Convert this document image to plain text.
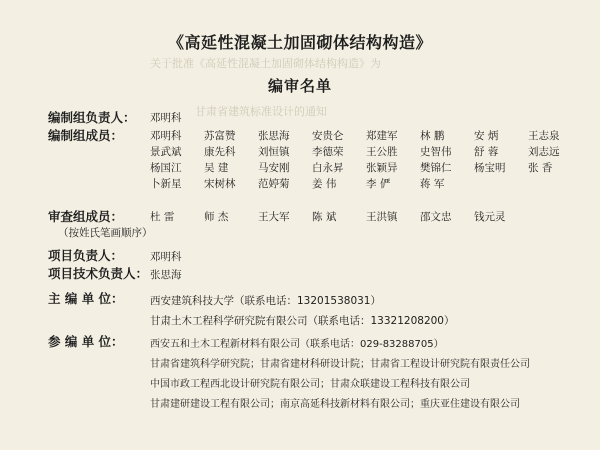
关于批准《高延性混凝土加固砌体结构构造》为
甘肃省建筑标准设计的通知
《高延性混凝土加固砌体结构构造》
编审名单
编制组负责人： 邓明科
编制组成员：	邓明科	苏富赞	张思海	安贵仑	郑建军	林 鹏	安 炳	王志泉
景武斌	康先科	刘恒镇	李德荣	王公胜	史智伟	舒 蓉	刘志远
杨国江	吴 建	马安刚	白永昇	张颖异	樊锦仁	杨宝明	张 香
卜新星	宋树林	范婷菊	姜 伟	李 俨	蒋 军
审查组成员：
（按姓氏笔画顺序）
杜 雷	师 杰	王大军	陈 斌	王洪镇	邵文忠	钱元灵
项目负责人：	邓明科
项目技术负责人： 张思海
主 编 单 位：	西安建筑科技大学（联系电话：13201538031）
甘肃土木工程科学研究院有限公司（联系电话：13321208200）
参 编 单 位：	西安五和土木工程新材料有限公司（联系电话：029-83288705）
甘肃省建筑科学研究院；甘肃省建材科研设计院；甘肃省工程设计研究院有限责任公司
中国市政工程西北设计研究院有限公司；甘肃众联建设工程科技有限公司
甘肃建研建设工程有限公司；南京高延科技新材料有限公司；重庆亚住建设有限公司
